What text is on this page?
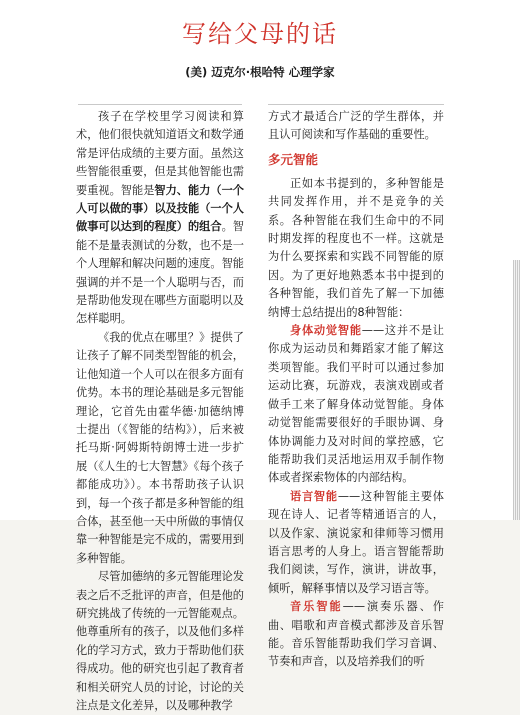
写给父母的话
(美) 迈克尔·根哈特 心理学家

孩子在学校里学习阅读和算术，他们很快就知道语文和数学通常是评估成绩的主要方面。虽然这些智能很重要，但是其他智能也需要重视。智能是智力、能力（一个人可以做的事）以及技能（一个人做事可以达到的程度）的组合。智能不是量表测试的分数，也不是一个人理解和解决问题的速度。智能强调的并不是一个人聪明与否，而是帮助他发现在哪些方面聪明以及怎样聪明。

《我的优点在哪里？》提供了让孩子了解不同类型智能的机会，让他知道一个人可以在很多方面有优势。本书的理论基础是多元智能理论，它首先由霍华德·加德纳博士提出（《智能的结构》），后来被托马斯·阿姆斯特朗博士进一步扩展（《人生的七大智慧》《每个孩子都能成功》）。本书帮助孩子认识到，每一个孩子都是多种智能的组合体，甚至他一天中所做的事情仅靠一种智能是完不成的，需要用到多种智能。

尽管加德纳的多元智能理论发表之后不乏批评的声音，但是他的研究挑战了传统的一元智能观点。他尊重所有的孩子，以及他们多样化的学习方式，致力于帮助他们获得成功。他的研究也引起了教育者和相关研究人员的讨论，讨论的关注点是文化差异，以及哪种教学

方式才最适合广泛的学生群体，并且认可阅读和写作基础的重要性。

多元智能

正如本书提到的，多种智能是共同发挥作用，并不是竞争的关系。各种智能在我们生命中的不同时期发挥的程度也不一样。这就是为什么要探索和实践不同智能的原因。为了更好地熟悉本书中提到的各种智能，我们首先了解一下加德纳博士总结提出的8种智能：

身体动觉智能——这并不是让你成为运动员和舞蹈家才能了解这类项智能。我们平时可以通过参加运动比赛，玩游戏，表演戏剧或者做手工来了解身体动觉智能。身体动觉智能需要很好的手眼协调、身体协调能力及对时间的掌控感，它能帮助我们灵活地运用双手制作物体或者探索物体的内部结构。

语言智能——这种智能主要体现在诗人、记者等精通语言的人，以及作家、演说家和律师等习惯用语言思考的人身上。语言智能帮助我们阅读，写作，演讲，讲故事，倾听，解释事情以及学习语言等。

音乐智能——演奏乐器、作曲、唱歌和声音模式都涉及音乐智能。音乐智能帮助我们学习音调、节奏和声音，以及培养我们的听
